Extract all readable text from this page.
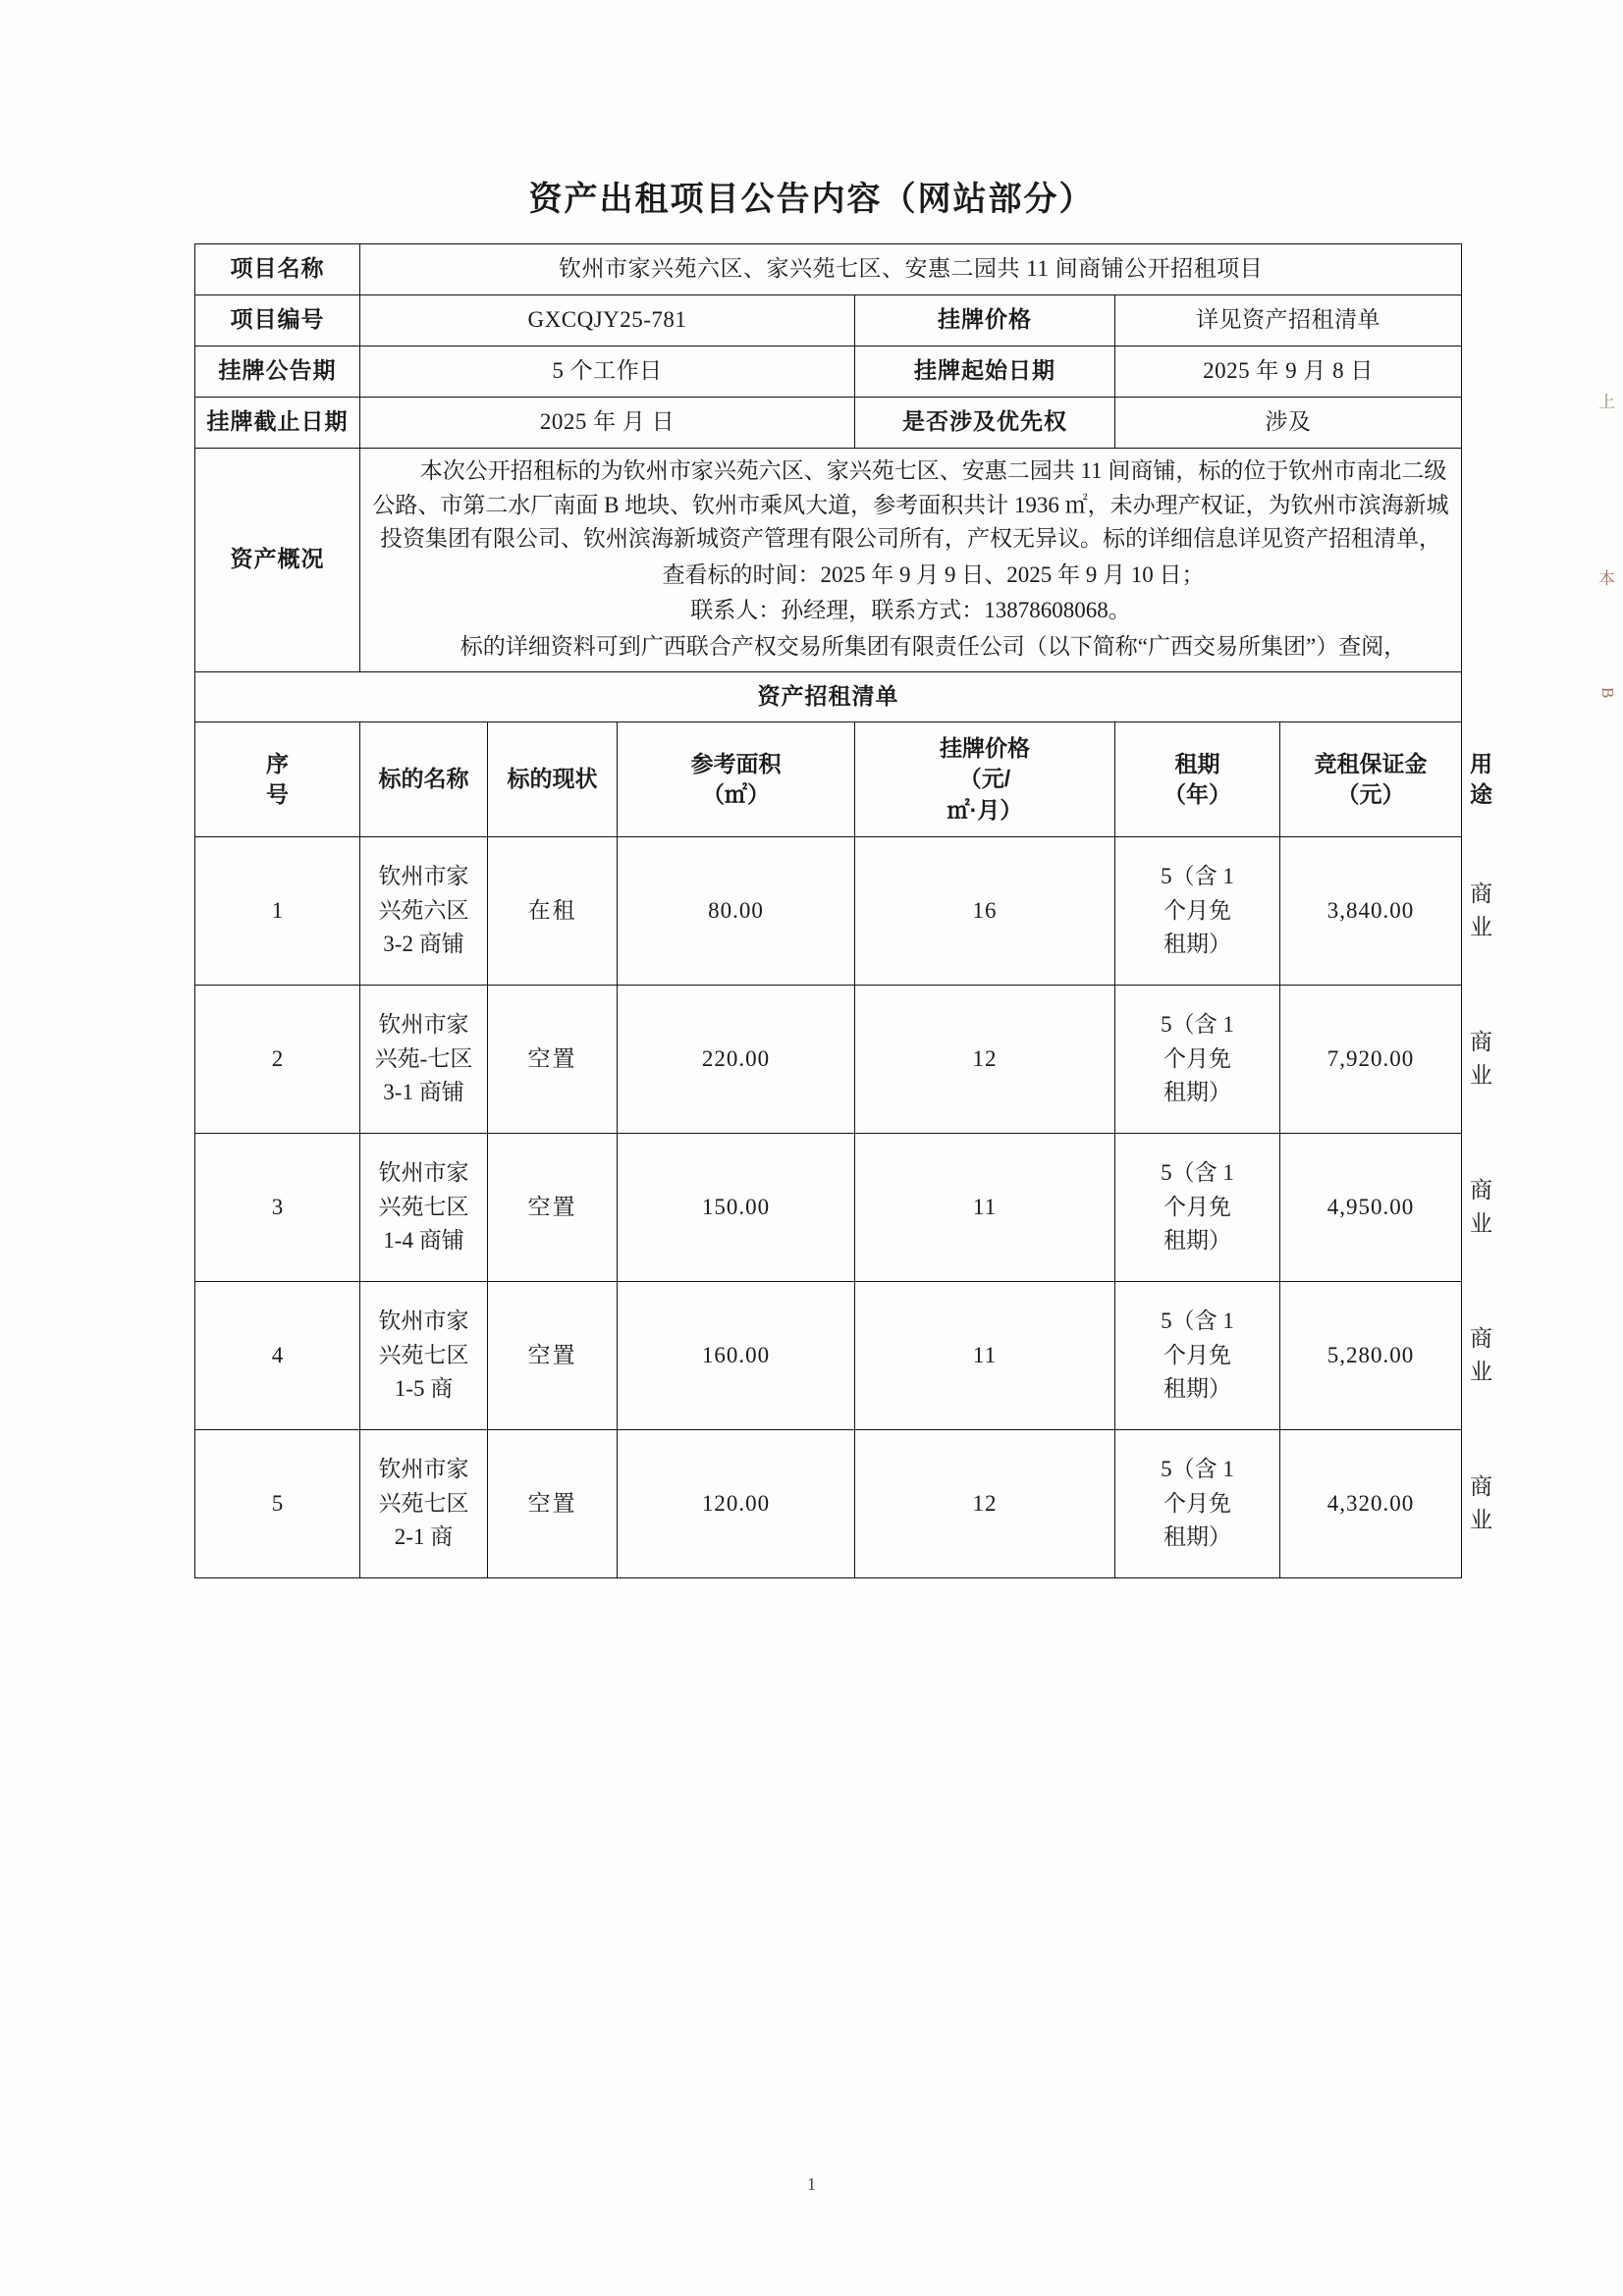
资产出租项目公告内容（网站部分）
项目名称	钦州市家兴苑六区、家兴苑七区、安惠二园共 11 间商铺公开招租项目						
项目编号	GXCQJY25-781			挂牌价格	详见资产招租清单		
挂牌公告期	5 个工作日			挂牌起始日期	2025 年 9 月 8 日		
挂牌截止日期	2025 年 月 日			是否涉及优先权	涉及		
资产概况	本次公开招租标的为钦州市家兴苑六区、家兴苑七区、安惠二园共 11 间商铺，标的位于钦州市南北二级公路、市第二水厂南面 B 地块、钦州市乘风大道，参考面积共计 1936 ㎡，未办理产权证，为钦州市滨海新城投资集团有限公司、钦州滨海新城资产管理有限公司所有，产权无异议。标的详细信息详见资产招租清单，

查看标的时间：2025 年 9 月 9 日、2025 年 9 月 10 日；

联系人：孙经理，联系方式：13878608068。

标的详细资料可到广西联合产权交易所集团有限责任公司（以下简称“广西交易所集团”）查阅，						

资产招租清单							
序
号	标的名称	标的现状	参考面积
（㎡）	挂牌价格
（元/
㎡·月）	租期
（年）	竞租保证金
（元）	用途
1	钦州市家
兴苑六区
3-2 商铺	在租	80.00	16	5（含 1
个月免
租期）	3,840.00	商业
2	钦州市家
兴苑-七区
3-1 商铺	空置	220.00	12	5（含 1
个月免
租期）	7,920.00	商业
3	钦州市家
兴苑七区
1-4 商铺	空置	150.00	11	5（含 1
个月免
租期）	4,950.00	商业
4	钦州市家
兴苑七区
1-5 商	空置	160.00	11	5（含 1
个月免
租期）	5,280.00	商业
5	钦州市家
兴苑七区
2-1 商	空置	120.00	12	5（含 1
个月免
租期）	4,320.00	商业
上
本
B
1
